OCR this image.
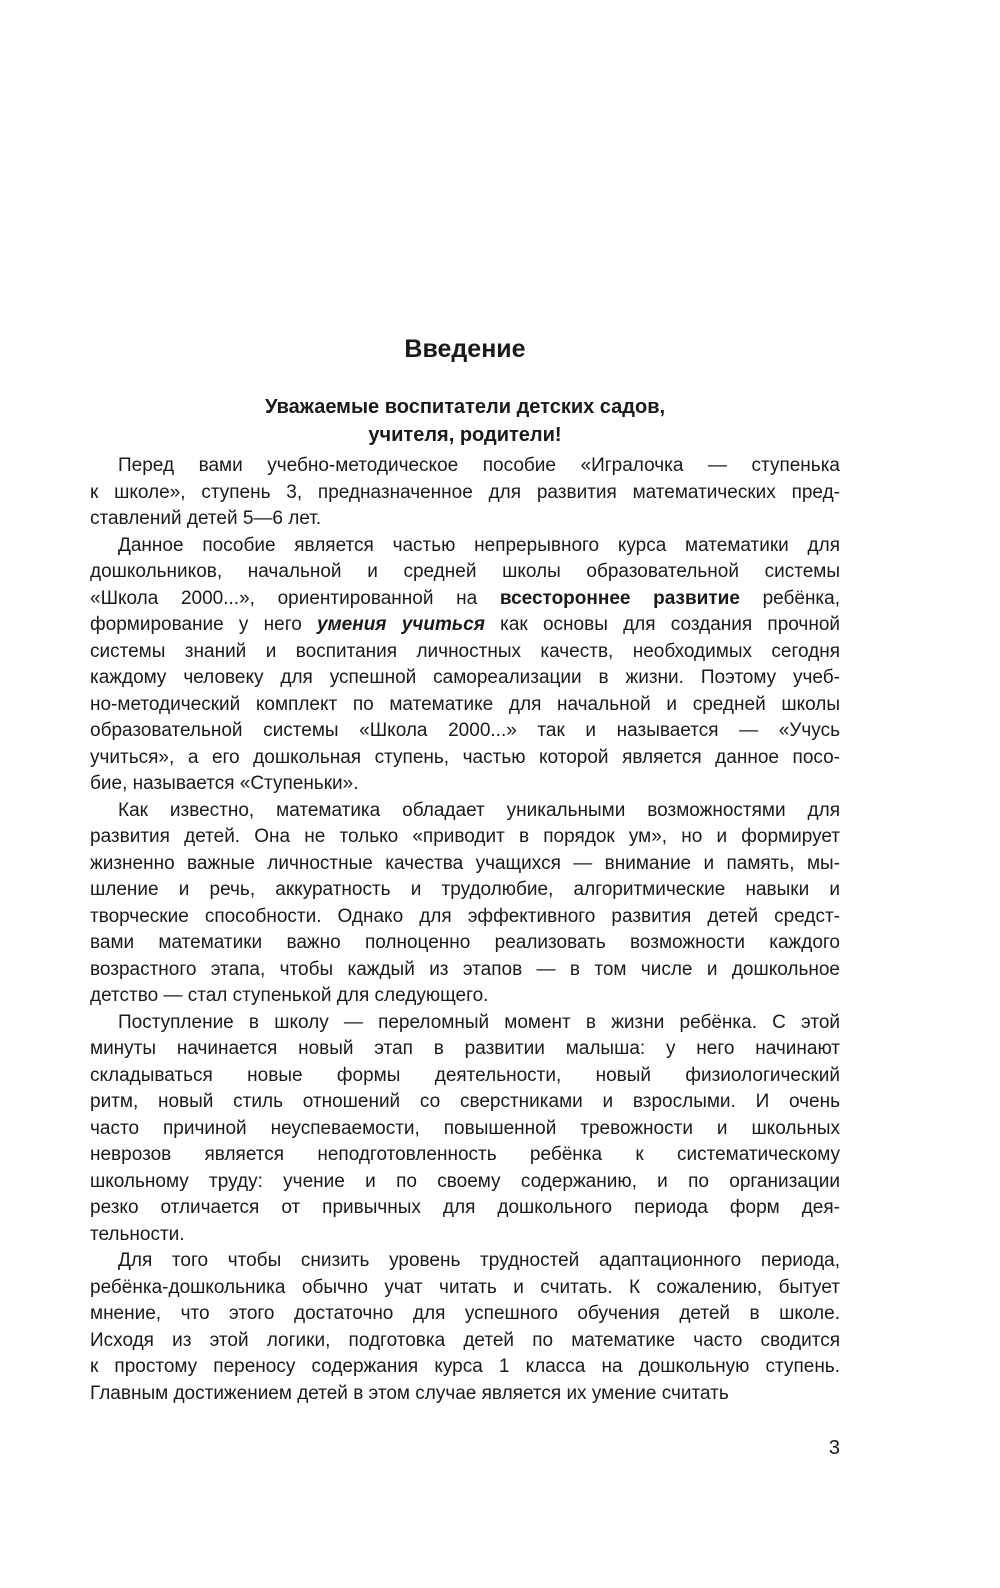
Введение
Уважаемые воспитатели детских садов,
учителя, родители!

Перед вами учебно-методическое пособие «Игралочка — ступенька
к школе», ступень 3, предназначенное для развития математических пред-
ставлений детей 5—6 лет.

Данное пособие является частью непрерывного курса математики для
дошкольников, начальной и средней школы образовательной системы
«Школа 2000...», ориентированной на всестороннее развитие ребёнка,
формирование у него умения учиться как основы для создания прочной
системы знаний и воспитания личностных качеств, необходимых сегодня
каждому человеку для успешной самореализации в жизни. Поэтому учеб-
но-методический комплект по математике для начальной и средней школы
образовательной системы «Школа 2000...» так и называется — «Учусь
учиться», а его дошкольная ступень, частью которой является данное посо-
бие, называется «Ступеньки».

Как известно, математика обладает уникальными возможностями для
развития детей. Она не только «приводит в порядок ум», но и формирует
жизненно важные личностные качества учащихся — внимание и память, мы-
шление и речь, аккуратность и трудолюбие, алгоритмические навыки и
творческие способности. Однако для эффективного развития детей средст-
вами математики важно полноценно реализовать возможности каждого
возрастного этапа, чтобы каждый из этапов — в том числе и дошкольное
детство — стал ступенькой для следующего.

Поступление в школу — переломный момент в жизни ребёнка. С этой
минуты начинается новый этап в развитии малыша: у него начинают
складываться новые формы деятельности, новый физиологический
ритм, новый стиль отношений со сверстниками и взрослыми. И очень
часто причиной неуспеваемости, повышенной тревожности и школьных
неврозов является неподготовленность ребёнка к систематическому
школьному труду: учение и по своему содержанию, и по организации
резко отличается от привычных для дошкольного периода форм дея-
тельности.

Для того чтобы снизить уровень трудностей адаптационного периода,
ребёнка-дошкольника обычно учат читать и считать. К сожалению, бытует
мнение, что этого достаточно для успешного обучения детей в школе.
Исходя из этой логики, подготовка детей по математике часто сводится
к простому переносу содержания курса 1 класса на дошкольную ступень.
Главным достижением детей в этом случае является их умение считать

3
